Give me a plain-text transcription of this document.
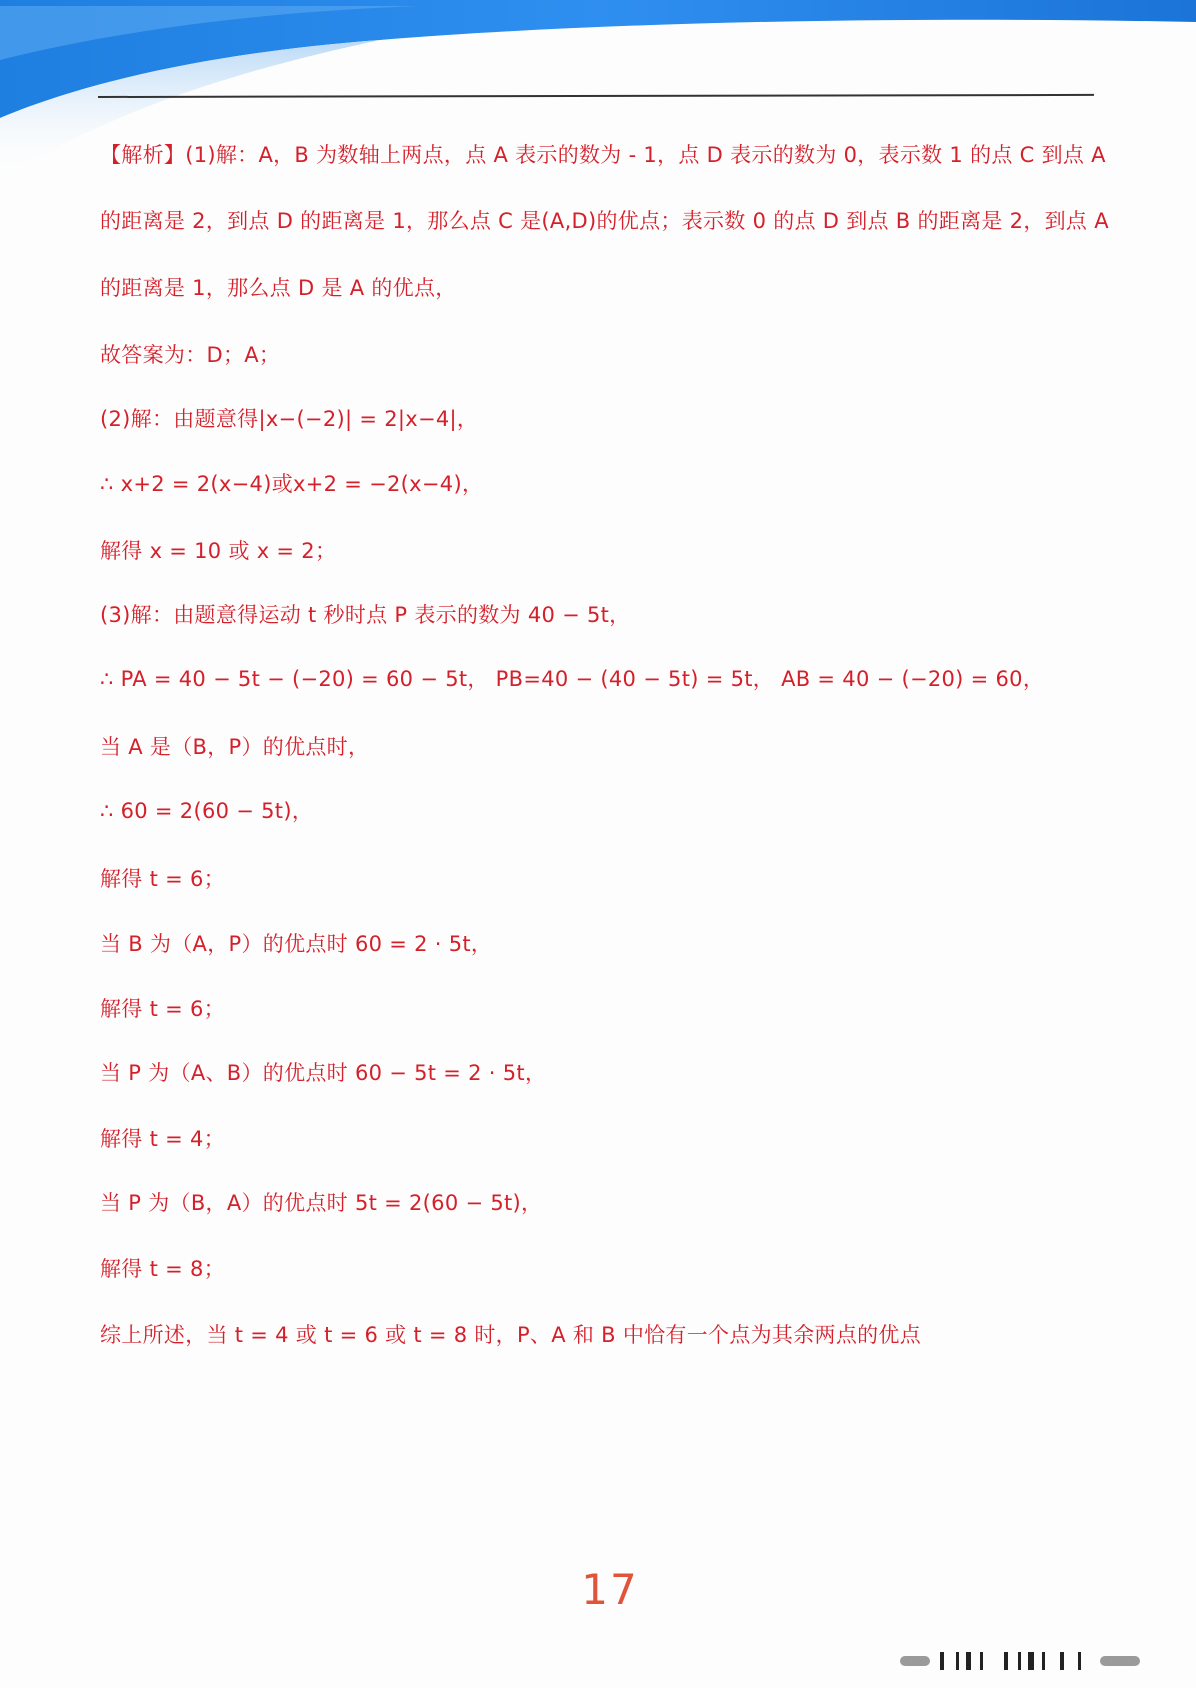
【解析】(1)解：A，B 为数轴上两点，点 A 表示的数为 - 1，点 D 表示的数为 0，表示数 1 的点 C 到点 A
的距离是 2，到点 D 的距离是 1，那么点 C 是(A,D)的优点；表示数 0 的点 D 到点 B 的距离是 2，到点 A
的距离是 1，那么点 D 是 A 的优点，
故答案为：D；A；
(2)解：由题意得|x−(−2)| = 2|x−4|，
∴ x+2 = 2(x−4)或x+2 = −2(x−4)，
解得 x = 10 或 x = 2；
(3)解：由题意得运动 t 秒时点 P 表示的数为 40 − 5t，
∴ PA = 40 − 5t − (−20) = 60 − 5t， PB=40 − (40 − 5t) = 5t， AB = 40 − (−20) = 60，
当 A 是（B，P）的优点时，
∴ 60 = 2(60 − 5t)，
解得 t = 6；
当 B 为（A，P）的优点时 60 = 2 · 5t，
解得 t = 6；
当 P 为（A、B）的优点时 60 − 5t = 2 · 5t，
解得 t = 4；
当 P 为（B，A）的优点时 5t = 2(60 − 5t)，
解得 t = 8；
综上所述，当 t = 4 或 t = 6 或 t = 8 时，P、A 和 B 中恰有一个点为其余两点的优点
17
